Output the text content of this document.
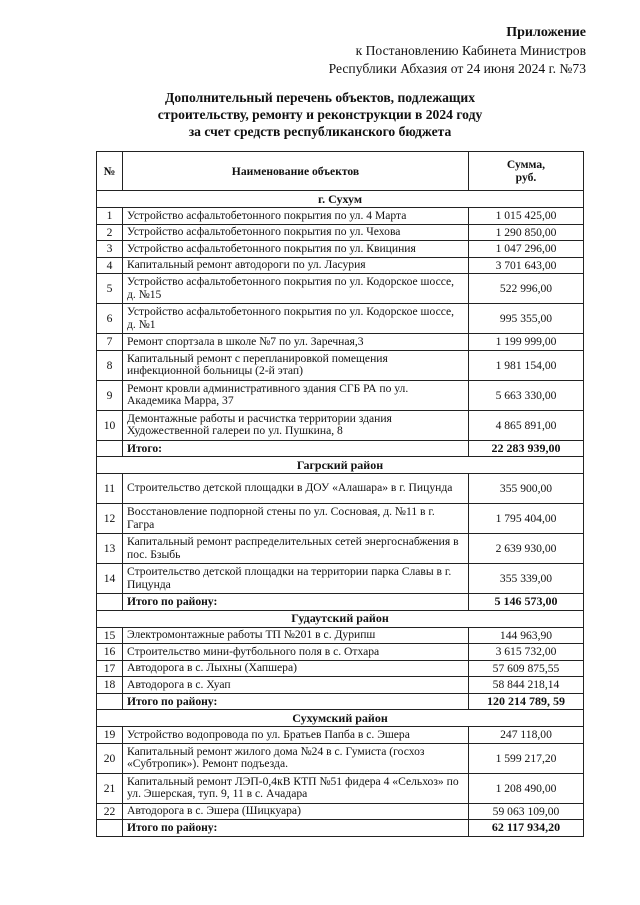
Приложение
к Постановлению Кабинета Министров
Республики Абхазия от 24 июня 2024 г. №73
Дополнительный перечень объектов, подлежащих
строительству, ремонту и реконструкции в 2024 году
за счет средств республиканского бюджета
№	Наименование объектов	Сумма,
руб.

г. Сухум		
1	Устройство асфальтобетонного покрытия по ул. 4 Марта	1 015 425,00
2	Устройство асфальтобетонного покрытия по ул. Чехова	1 290 850,00
3	Устройство асфальтобетонного покрытия по ул. Квициния	1 047 296,00
4	Капитальный ремонт автодороги по ул. Ласурия	3 701 643,00
5	Устройство асфальтобетонного покрытия по ул. Кодорское шоссе, д. №15	522 996,00
6	Устройство асфальтобетонного покрытия по ул. Кодорское шоссе, д. №1	995 355,00
7	Ремонт спортзала в школе №7 по ул. Заречная,3	1 199 999,00
8	Капитальный ремонт с перепланировкой помещения инфекционной больницы (2-й этап)	1 981 154,00
9	Ремонт кровли административного здания СГБ РА по ул. Академика Марра, 37	5 663 330,00
10	Демонтажные работы и расчистка территории здания Художественной галереи по ул. Пушкина, 8	4 865 891,00
	Итого:	22 283 939,00
Гагрский район		
11	Строительство детской площадки в ДОУ «Алашара» в г. Пицунда	355 900,00
12	Восстановление подпорной стены по ул. Сосновая, д. №11 в г. Гагра	1 795 404,00
13	Капитальный ремонт распределительных сетей энергоснабжения в пос. Бзыбь	2 639 930,00
14	Строительство детской площадки на территории парка Славы в г. Пицунда	355 339,00
	Итого по району:	5 146 573,00
Гудаутский район		
15	Электромонтажные работы ТП №201 в с. Дурипш	144 963,90
16	Строительство мини-футбольного поля в с. Отхара	3 615 732,00
17	Автодорога в с. Лыхны (Хапшера)	57 609 875,55
18	Автодорога в с. Хуап	58 844 218,14
	Итого по району:	120 214 789, 59
Сухумский район		
19	Устройство водопровода по ул. Братьев Папба в с. Эшера	247 118,00
20	Капитальный ремонт жилого дома №24 в с. Гумиста (госхоз «Субтропик»). Ремонт подъезда.	1 599 217,20
21	Капитальный ремонт ЛЭП-0,4кВ КТП №51 фидера 4 «Сельхоз» по ул. Эшерская, туп. 9, 11 в с. Ачадара	1 208 490,00
22	Автодорога в с. Эшера (Шицкуара)	59 063 109,00
	Итого по району:	62 117 934,20
